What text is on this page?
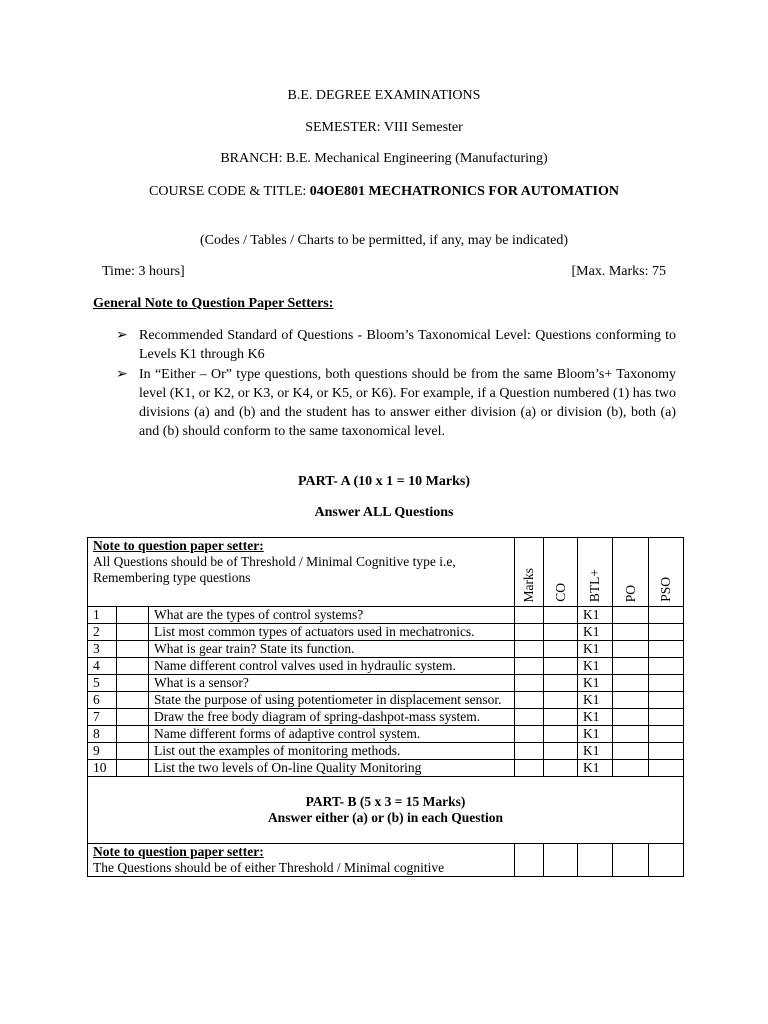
B.E. DEGREE EXAMINATIONS
SEMESTER: VIII Semester
BRANCH: B.E. Mechanical Engineering (Manufacturing)
COURSE CODE & TITLE: 04OE801 MECHATRONICS FOR AUTOMATION
(Codes / Tables / Charts to be permitted, if any, may be indicated)
Time: 3 hours]	[Max. Marks: 75
General Note to Question Paper Setters:
➢ Recommended Standard of Questions - Bloom’s Taxonomical Level: Questions conforming to Levels K1 through K6
➢ In “Either – Or” type questions, both questions should be from the same Bloom’s+ Taxonomy level (K1, or K2, or K3, or K4, or K5, or K6). For example, if a Question numbered (1) has two divisions (a) and (b) and the student has to answer either division (a) or division (b), both (a) and (b) should conform to the same taxonomical level.
PART- A (10 x 1 = 10 Marks)
Answer ALL Questions
Note to question paper setter:
All Questions should be of Threshold / Minimal Cognitive type i.e, Remembering type questions			Marks	CO	BTL+	PO	PSO

1		What are the types of control systems?			K1		
2		List most common types of actuators used in mechatronics.			K1		
3		What is gear train? State its function.			K1		
4		Name different control valves used in hydraulic system.			K1		
5		What is a sensor?			K1		
6		State the purpose of using potentiometer in displacement sensor.			K1		
7		Draw the free body diagram of spring-dashpot-mass system.			K1		
8		Name different forms of adaptive control system.			K1		
9		List out the examples of monitoring methods.			K1		
10		List the two levels of On-line Quality Monitoring			K1		

PART- B (5 x 3 = 15 Marks)
Answer either (a) or (b) in each Question							

Note to question paper setter:
The Questions should be of either Threshold / Minimal cognitive							
